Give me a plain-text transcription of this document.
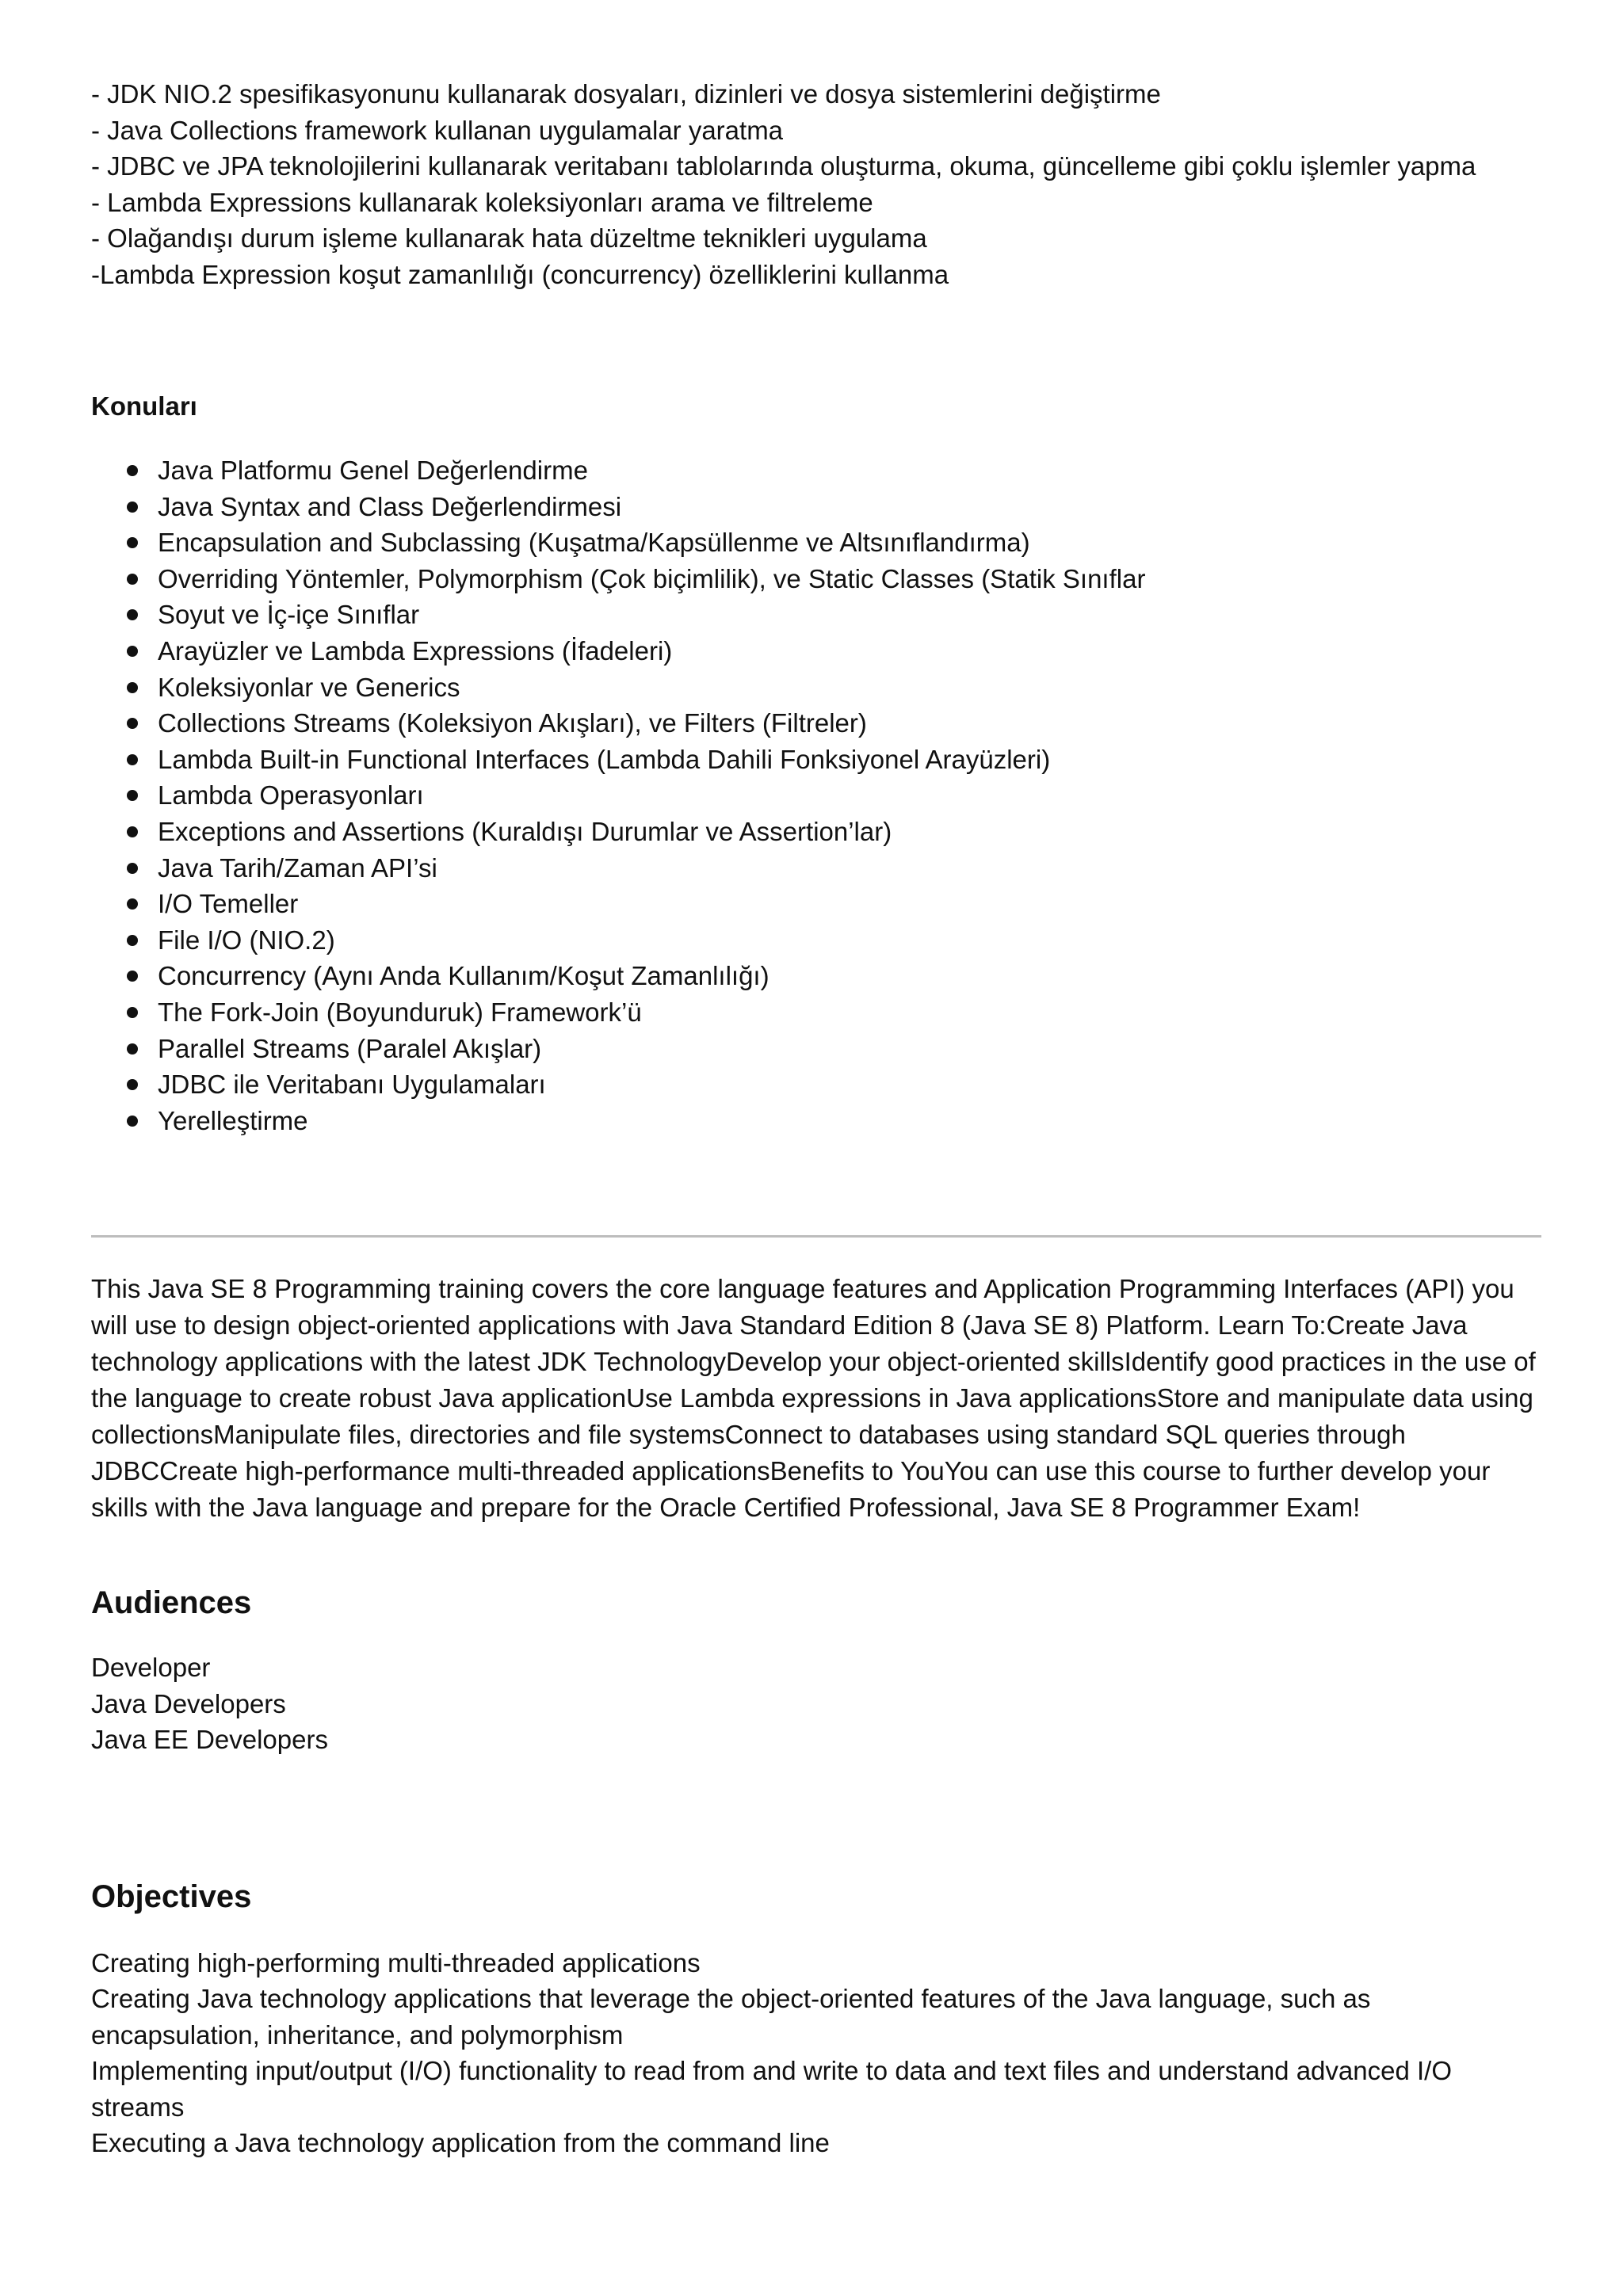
- JDK NIO.2 spesifikasyonunu kullanarak dosyaları, dizinleri ve dosya sistemlerini değiştirme

- Java Collections framework kullanan uygulamalar yaratma

- JDBC ve JPA teknolojilerini kullanarak veritabanı tablolarında oluşturma, okuma, güncelleme gibi çoklu işlemler yapma

- Lambda Expressions kullanarak koleksiyonları arama ve filtreleme

- Olağandışı durum işleme kullanarak hata düzeltme teknikleri uygulama

-Lambda Expression koşut zamanlılığı (concurrency) özelliklerini kullanma

Konuları

Java Platformu Genel Değerlendirme
Java Syntax and Class Değerlendirmesi
Encapsulation and Subclassing (Kuşatma/Kapsüllenme ve Altsınıflandırma)
Overriding Yöntemler, Polymorphism (Çok biçimlilik), ve Static Classes (Statik Sınıflar
Soyut ve İç-içe Sınıflar
Arayüzler ve Lambda Expressions (İfadeleri)
Koleksiyonlar ve Generics
Collections Streams (Koleksiyon Akışları), ve Filters (Filtreler)
Lambda Built-in Functional Interfaces (Lambda Dahili Fonksiyonel Arayüzleri)
Lambda Operasyonları
Exceptions and Assertions (Kuraldışı Durumlar ve Assertion’lar)
Java Tarih/Zaman API’si
I/O Temeller
File I/O (NIO.2)
Concurrency (Aynı Anda Kullanım/Koşut Zamanlılığı)
The Fork-Join (Boyunduruk) Framework’ü
Parallel Streams (Paralel Akışlar)
JDBC ile Veritabanı Uygulamaları
Yerelleştirme

This Java SE 8 Programming training covers the core language features and Application Programming Interfaces (API) you will use to design object-oriented applications with Java Standard Edition 8 (Java SE 8) Platform. Learn To:Create Java technology applications with the latest JDK TechnologyDevelop your object-oriented skillsIdentify good practices in the use of the language to create robust Java applicationUse Lambda expressions in Java applicationsStore and manipulate data using collectionsManipulate files, directories and file systemsConnect to databases using standard SQL queries through JDBCCreate high-performance multi-threaded applicationsBenefits to YouYou can use this course to further develop your skills with the Java language and prepare for the Oracle Certified Professional, Java SE 8 Programmer Exam!

Audiences

Developer

Java Developers

Java EE Developers

Objectives

Creating high-performing multi-threaded applications

Creating Java technology applications that leverage the object-oriented features of the Java language, such as encapsulation, inheritance, and polymorphism

Implementing input/output (I/O) functionality to read from and write to data and text files and understand advanced I/O streams

Executing a Java technology application from the command line
